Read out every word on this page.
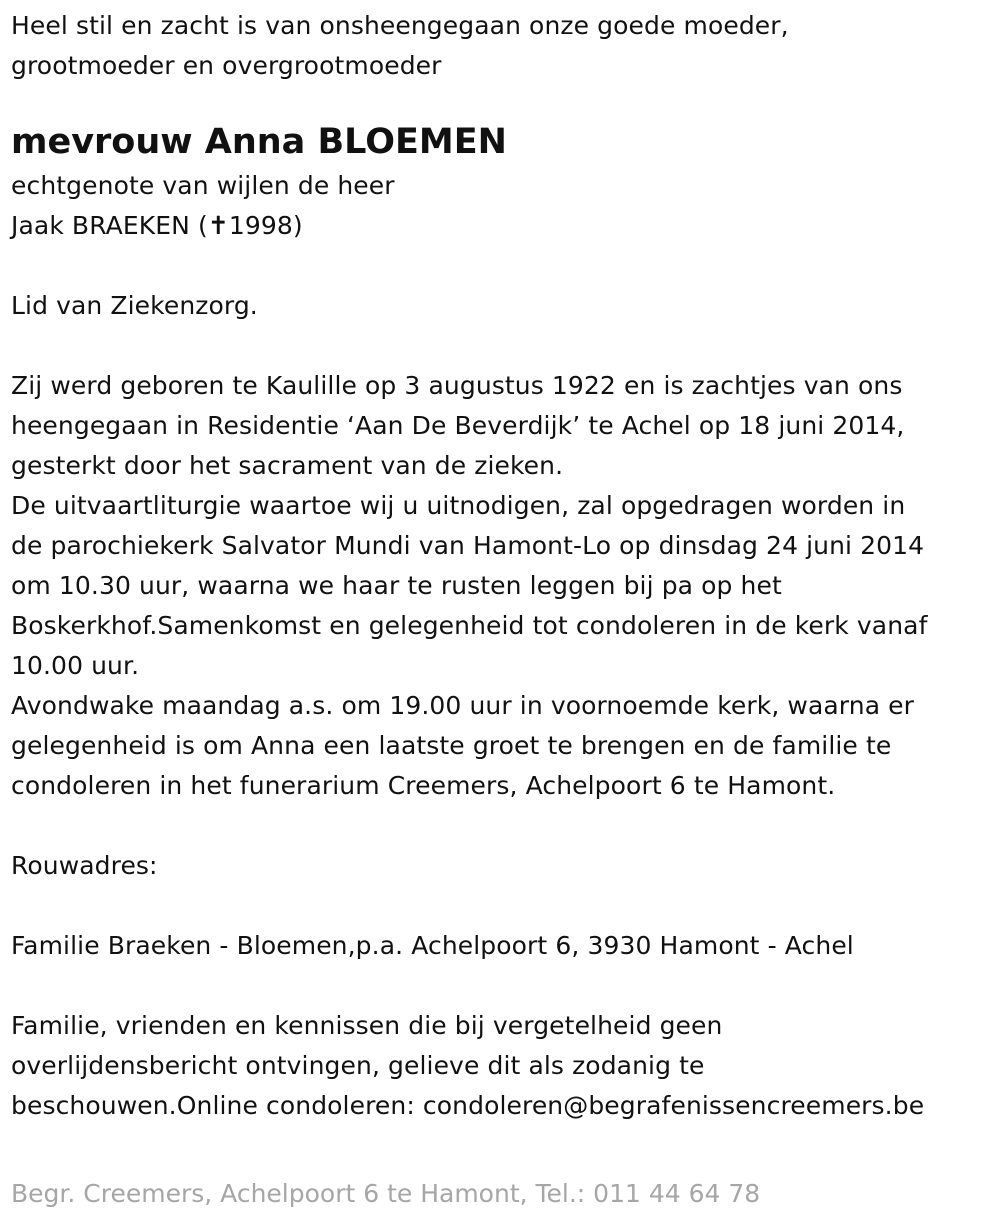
Heel stil en zacht is van onsheengegaan onze goede moeder,
grootmoeder en overgrootmoeder
mevrouw Anna BLOEMEN
echtgenote van wijlen de heer
Jaak BRAEKEN (✝1998)
Lid van Ziekenzorg.
Zij werd geboren te Kaulille op 3 augustus 1922 en is zachtjes van ons
heengegaan in Residentie ‘Aan De Beverdijk’ te Achel op 18 juni 2014,
gesterkt door het sacrament van de zieken.
De uitvaartliturgie waartoe wij u uitnodigen, zal opgedragen worden in
de parochiekerk Salvator Mundi van Hamont-Lo op dinsdag 24 juni 2014
om 10.30 uur, waarna we haar te rusten leggen bij pa op het
Boskerkhof.Samenkomst en gelegenheid tot condoleren in de kerk vanaf
10.00 uur.
Avondwake maandag a.s. om 19.00 uur in voornoemde kerk, waarna er
gelegenheid is om Anna een laatste groet te brengen en de familie te
condoleren in het funerarium Creemers, Achelpoort 6 te Hamont.
Rouwadres:
Familie Braeken - Bloemen,p.a. Achelpoort 6, 3930 Hamont - Achel
Familie, vrienden en kennissen die bij vergetelheid geen
overlijdensbericht ontvingen, gelieve dit als zodanig te
beschouwen.Online condoleren: condoleren@begrafenissencreemers.be
Begr. Creemers, Achelpoort 6 te Hamont, Tel.: 011 44 64 78
